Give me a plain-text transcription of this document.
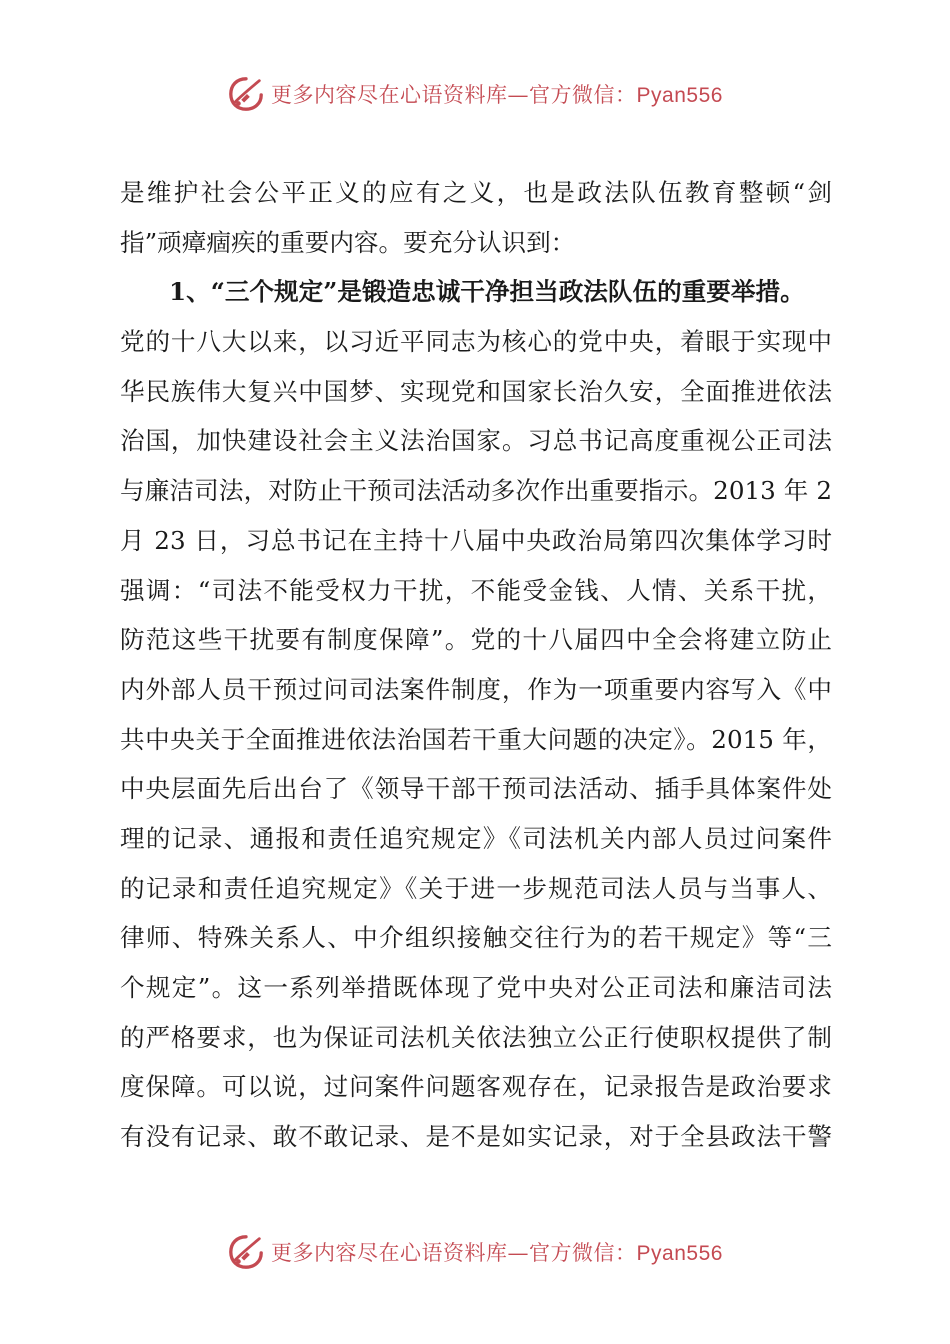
更多内容尽在心语资料库—官方微信：Pyan556
是维护社会公平正义的应有之义，也是政法队伍教育整顿“剑
指”顽瘴痼疾的重要内容。要充分认识到：
1、“三个规定”是锻造忠诚干净担当政法队伍的重要举措。
党的十八大以来，以习近平同志为核心的党中央，着眼于实现中
华民族伟大复兴中国梦、实现党和国家长治久安，全面推进依法
治国，加快建设社会主义法治国家。习总书记高度重视公正司法
与廉洁司法，对防止干预司法活动多次作出重要指示。2013 年 2
月 23 日，习总书记在主持十八届中央政治局第四次集体学习时
强调：“司法不能受权力干扰，不能受金钱、人情、关系干扰，
防范这些干扰要有制度保障”。党的十八届四中全会将建立防止
内外部人员干预过问司法案件制度，作为一项重要内容写入《中
共中央关于全面推进依法治国若干重大问题的决定》。2015 年，
中央层面先后出台了《领导干部干预司法活动、插手具体案件处
理的记录、通报和责任追究规定》《司法机关内部人员过问案件
的记录和责任追究规定》《关于进一步规范司法人员与当事人、
律师、特殊关系人、中介组织接触交往行为的若干规定》等“三
个规定”。这一系列举措既体现了党中央对公正司法和廉洁司法
的严格要求，也为保证司法机关依法独立公正行使职权提供了制
度保障。可以说，过问案件问题客观存在，记录报告是政治要求
有没有记录、敢不敢记录、是不是如实记录，对于全县政法干警
更多内容尽在心语资料库—官方微信：Pyan556
